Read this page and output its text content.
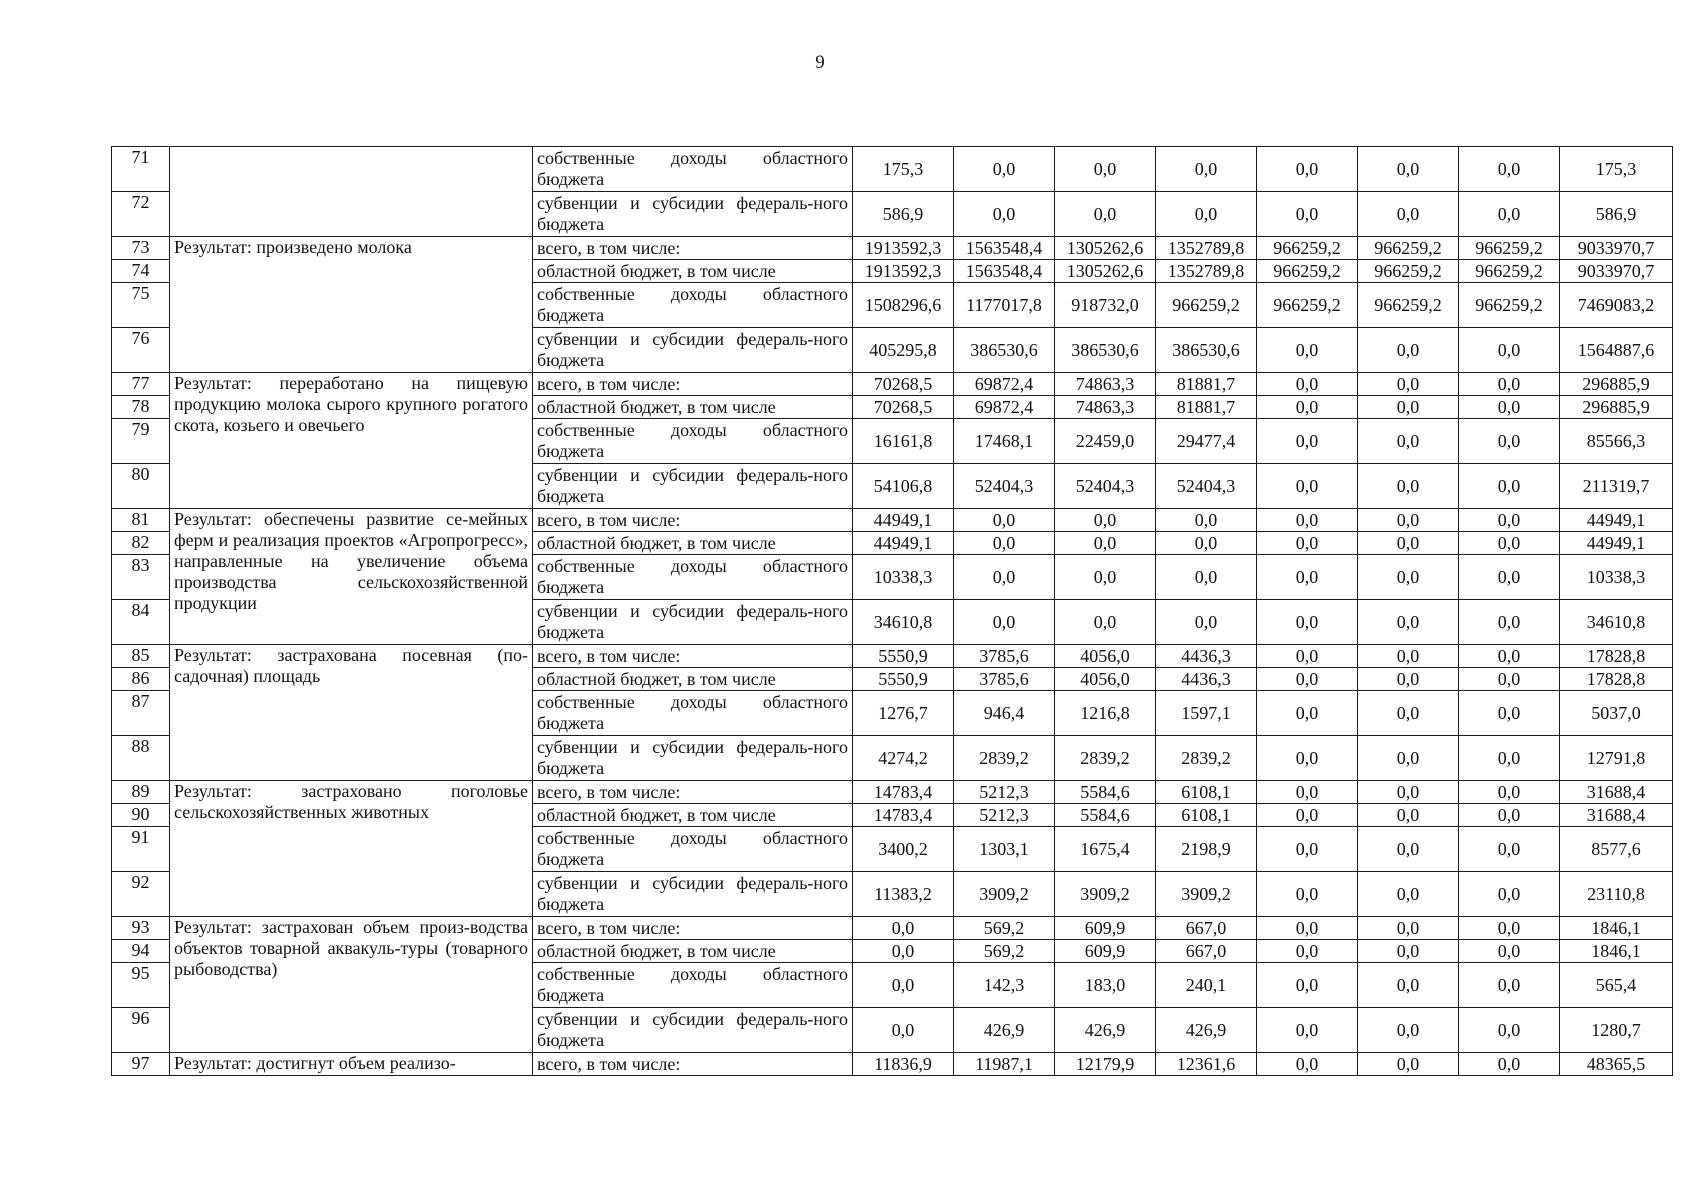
9
71		собственные доходы областного бюджета	175,3	0,0	0,0	0,0	0,0	0,0	0,0	175,3
72		субвенции и субсидии федераль-ного бюджета	586,9	0,0	0,0	0,0	0,0	0,0	0,0	586,9
73	Результат: произведено молока	всего, в том числе:	1913592,3	1563548,4	1305262,6	1352789,8	966259,2	966259,2	966259,2	9033970,7
74		областной бюджет, в том числе	1913592,3	1563548,4	1305262,6	1352789,8	966259,2	966259,2	966259,2	9033970,7
75		собственные доходы областного бюджета	1508296,6	1177017,8	918732,0	966259,2	966259,2	966259,2	966259,2	7469083,2
76		субвенции и субсидии федераль-ного бюджета	405295,8	386530,6	386530,6	386530,6	0,0	0,0	0,0	1564887,6
77	Результат: переработано на пищевую продукцию молока сырого крупного рогатого скота, козьего и овечьего	всего, в том числе:	70268,5	69872,4	74863,3	81881,7	0,0	0,0	0,0	296885,9
78		областной бюджет, в том числе	70268,5	69872,4	74863,3	81881,7	0,0	0,0	0,0	296885,9
79		собственные доходы областного бюджета	16161,8	17468,1	22459,0	29477,4	0,0	0,0	0,0	85566,3
80		субвенции и субсидии федераль-ного бюджета	54106,8	52404,3	52404,3	52404,3	0,0	0,0	0,0	211319,7
81	Результат: обеспечены развитие се-мейных ферм и реализация проектов «Агропрогресс», направленные на увеличение объема производства сельскохозяйственной продукции	всего, в том числе:	44949,1	0,0	0,0	0,0	0,0	0,0	0,0	44949,1
82		областной бюджет, в том числе	44949,1	0,0	0,0	0,0	0,0	0,0	0,0	44949,1
83		собственные доходы областного бюджета	10338,3	0,0	0,0	0,0	0,0	0,0	0,0	10338,3
84		субвенции и субсидии федераль-ного бюджета	34610,8	0,0	0,0	0,0	0,0	0,0	0,0	34610,8
85	Результат: застрахована посевная (по-садочная) площадь	всего, в том числе:	5550,9	3785,6	4056,0	4436,3	0,0	0,0	0,0	17828,8
86		областной бюджет, в том числе	5550,9	3785,6	4056,0	4436,3	0,0	0,0	0,0	17828,8
87		собственные доходы областного бюджета	1276,7	946,4	1216,8	1597,1	0,0	0,0	0,0	5037,0
88		субвенции и субсидии федераль-ного бюджета	4274,2	2839,2	2839,2	2839,2	0,0	0,0	0,0	12791,8
89	Результат: застраховано поголовье сельскохозяйственных животных	всего, в том числе:	14783,4	5212,3	5584,6	6108,1	0,0	0,0	0,0	31688,4
90		областной бюджет, в том числе	14783,4	5212,3	5584,6	6108,1	0,0	0,0	0,0	31688,4
91		собственные доходы областного бюджета	3400,2	1303,1	1675,4	2198,9	0,0	0,0	0,0	8577,6
92		субвенции и субсидии федераль-ного бюджета	11383,2	3909,2	3909,2	3909,2	0,0	0,0	0,0	23110,8
93	Результат: застрахован объем произ-водства объектов товарной аквакуль-туры (товарного рыбоводства)	всего, в том числе:	0,0	569,2	609,9	667,0	0,0	0,0	0,0	1846,1
94		областной бюджет, в том числе	0,0	569,2	609,9	667,0	0,0	0,0	0,0	1846,1
95		собственные доходы областного бюджета	0,0	142,3	183,0	240,1	0,0	0,0	0,0	565,4
96		субвенции и субсидии федераль-ного бюджета	0,0	426,9	426,9	426,9	0,0	0,0	0,0	1280,7
97	Результат: достигнут объем реализо-	всего, в том числе:	11836,9	11987,1	12179,9	12361,6	0,0	0,0	0,0	48365,5
